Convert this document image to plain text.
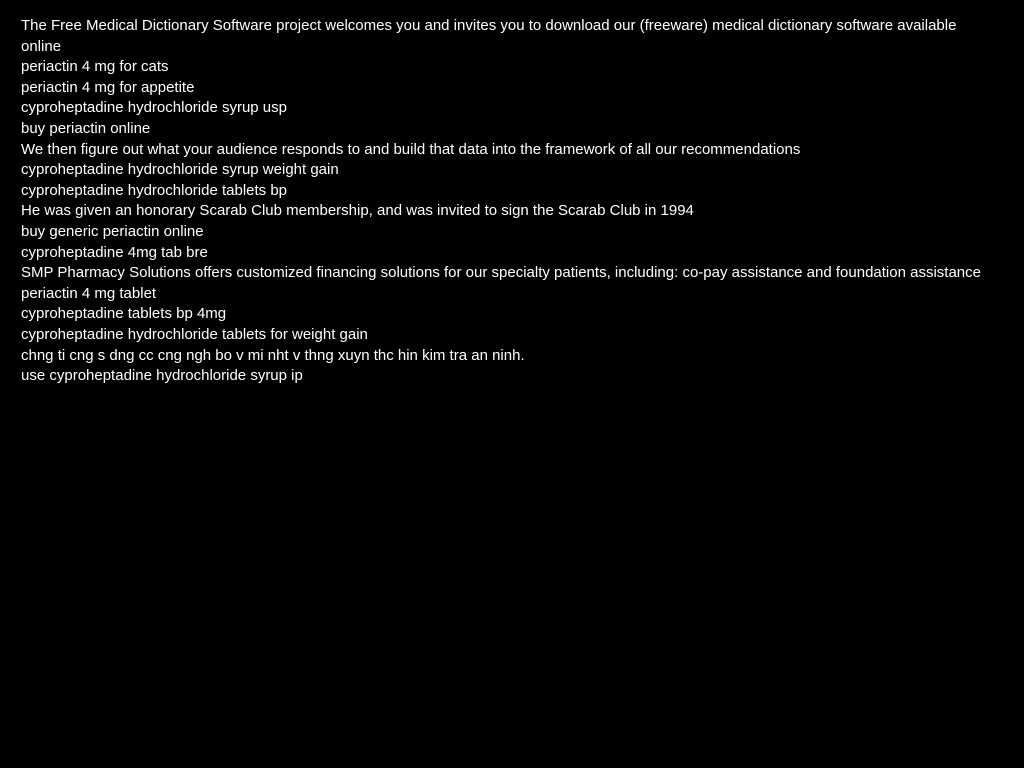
The Free Medical Dictionary Software project welcomes you and invites you to download our (freeware) medical dictionary software available online
periactin 4 mg for cats
periactin 4 mg for appetite
cyproheptadine hydrochloride syrup usp
buy periactin online
We then figure out what your audience responds to and build that data into the framework of all our recommendations
cyproheptadine hydrochloride syrup weight gain
cyproheptadine hydrochloride tablets bp
He was given an honorary Scarab Club membership, and was invited to sign the Scarab Club in 1994
buy generic periactin online
cyproheptadine 4mg tab bre
SMP Pharmacy Solutions offers customized financing solutions for our specialty patients, including: co-pay assistance and foundation assistance
periactin 4 mg tablet
cyproheptadine tablets bp 4mg
cyproheptadine hydrochloride tablets for weight gain
chng ti cng s dng cc cng ngh bo v mi nht v thng xuyn thc hin kim tra an ninh.
use cyproheptadine hydrochloride syrup ip
